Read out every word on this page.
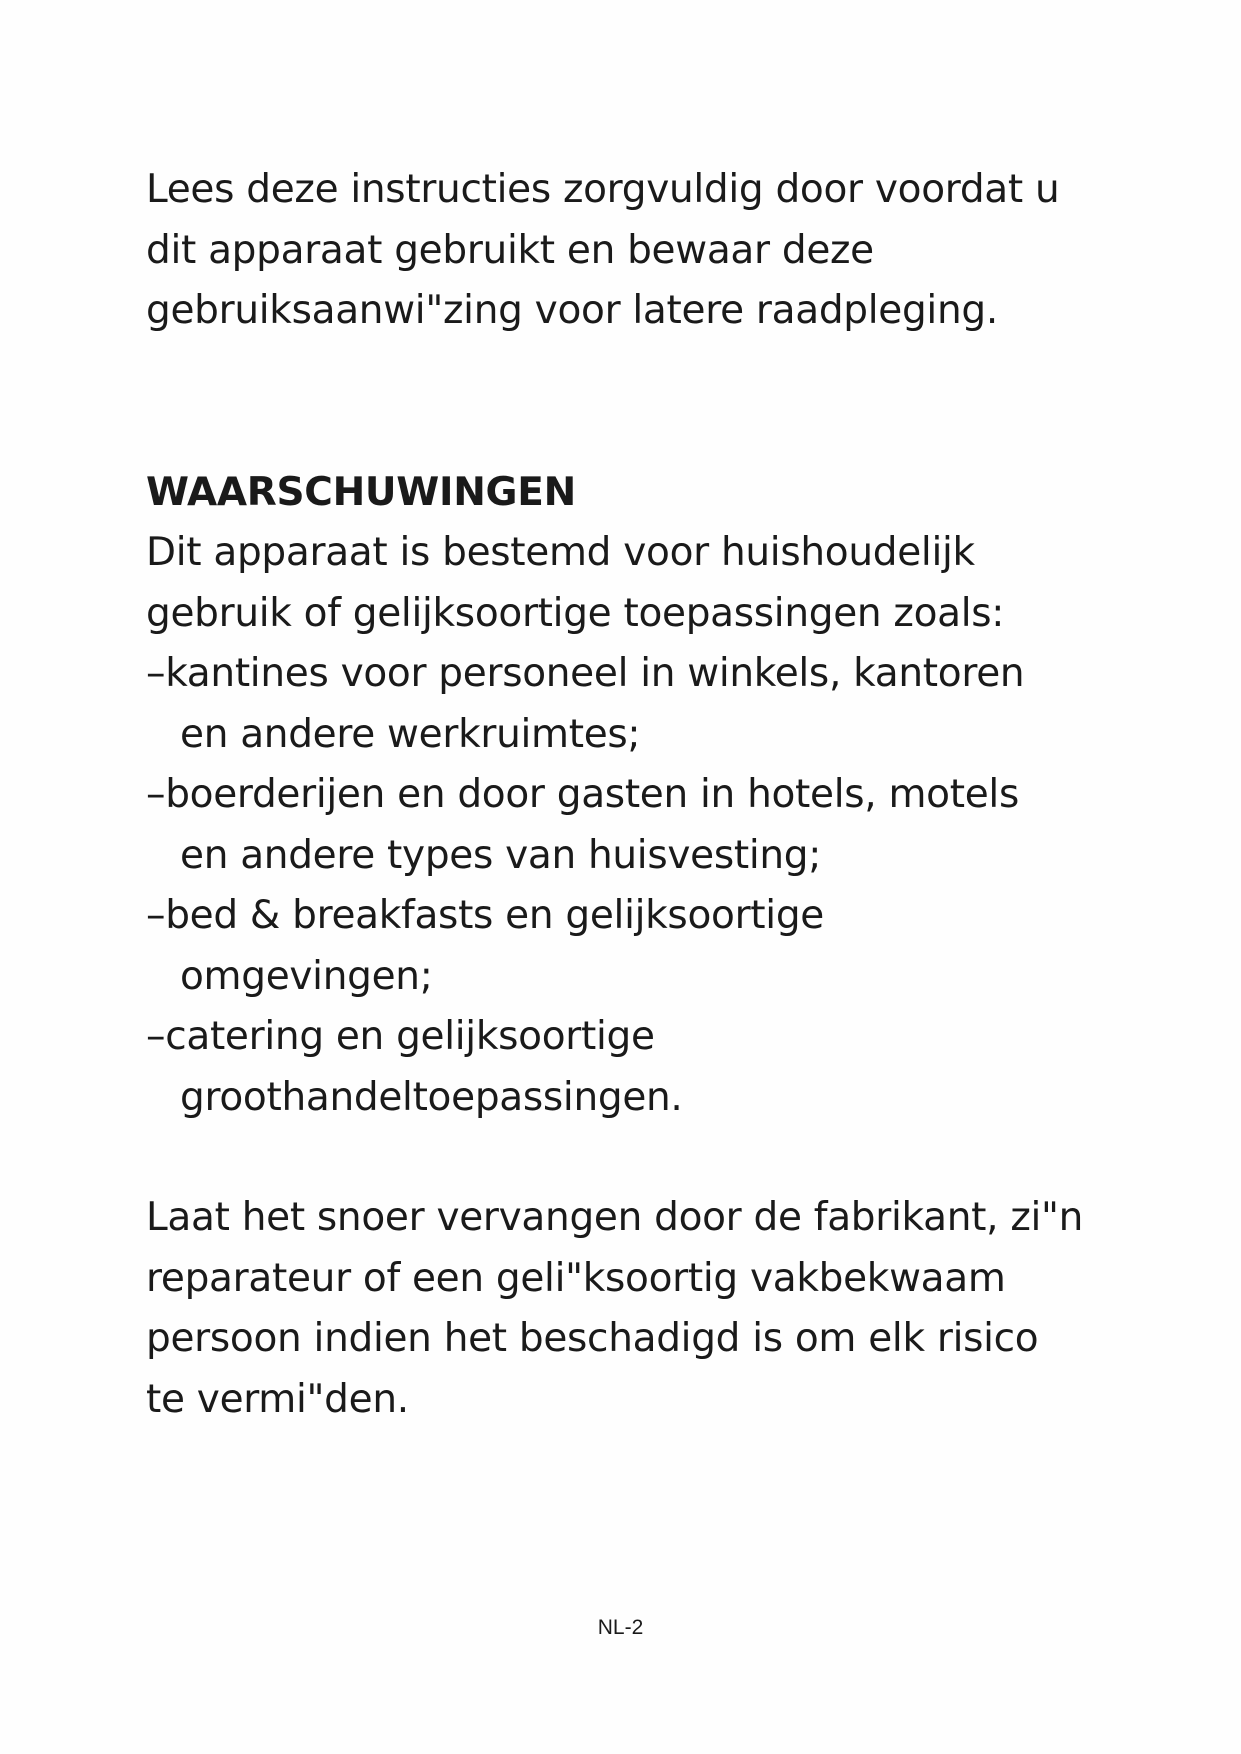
Lees deze instructies zorgvuldig door voordat u
dit apparaat gebruikt en bewaar deze
gebruiksaanwi"zing voor latere raadpleging.
WAARSCHUWINGEN
Dit apparaat is bestemd voor huishoudelijk
gebruik of gelijksoortige toepassingen zoals:
–kantines voor personeel in winkels, kantoren
en andere werkruimtes;
–boerderijen en door gasten in hotels, motels
en andere types van huisvesting;
–bed & breakfasts en gelijksoortige
omgevingen;
–catering en gelijksoortige
groothandeltoepassingen.
Laat het snoer vervangen door de fabrikant, zi"n
reparateur of een geli"ksoortig vakbekwaam
persoon indien het beschadigd is om elk risico
te vermi"den.
NL-2
